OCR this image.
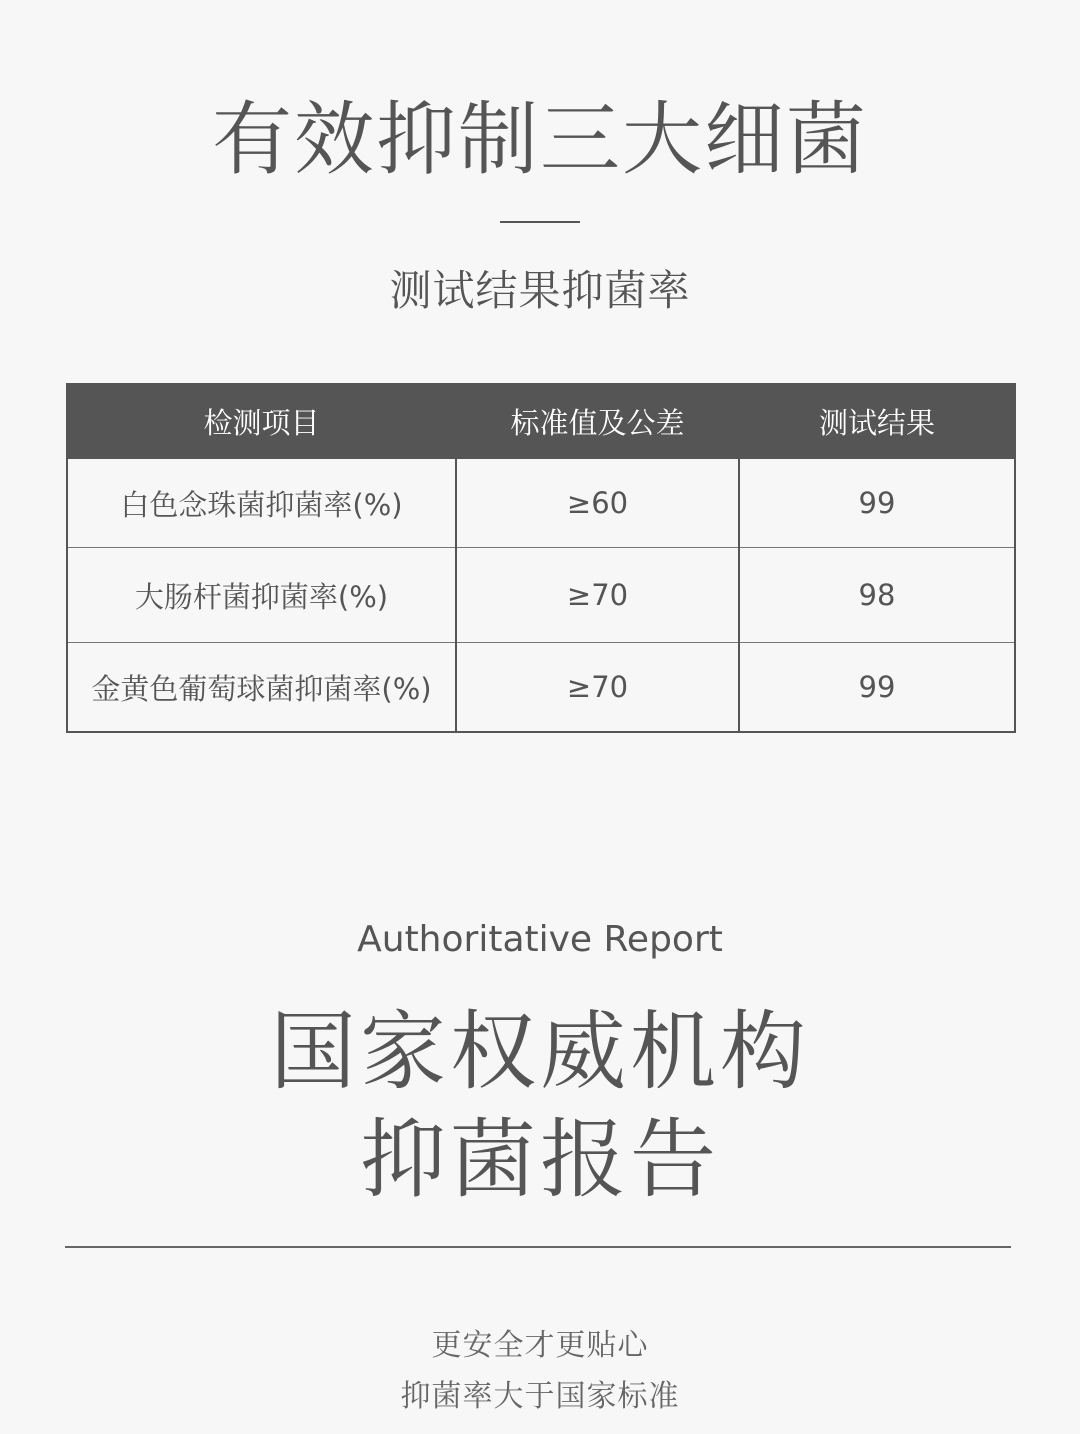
有效抑制三大细菌
测试结果抑菌率
检测项目	标准值及公差	测试结果
白色念珠菌抑菌率(%)	≥60	99
大肠杆菌抑菌率(%)	≥70	98
金黄色葡萄球菌抑菌率(%)	≥70	99
Authoritative Report
国家权威机构
抑菌报告
更安全才更贴心
抑菌率大于国家标准
